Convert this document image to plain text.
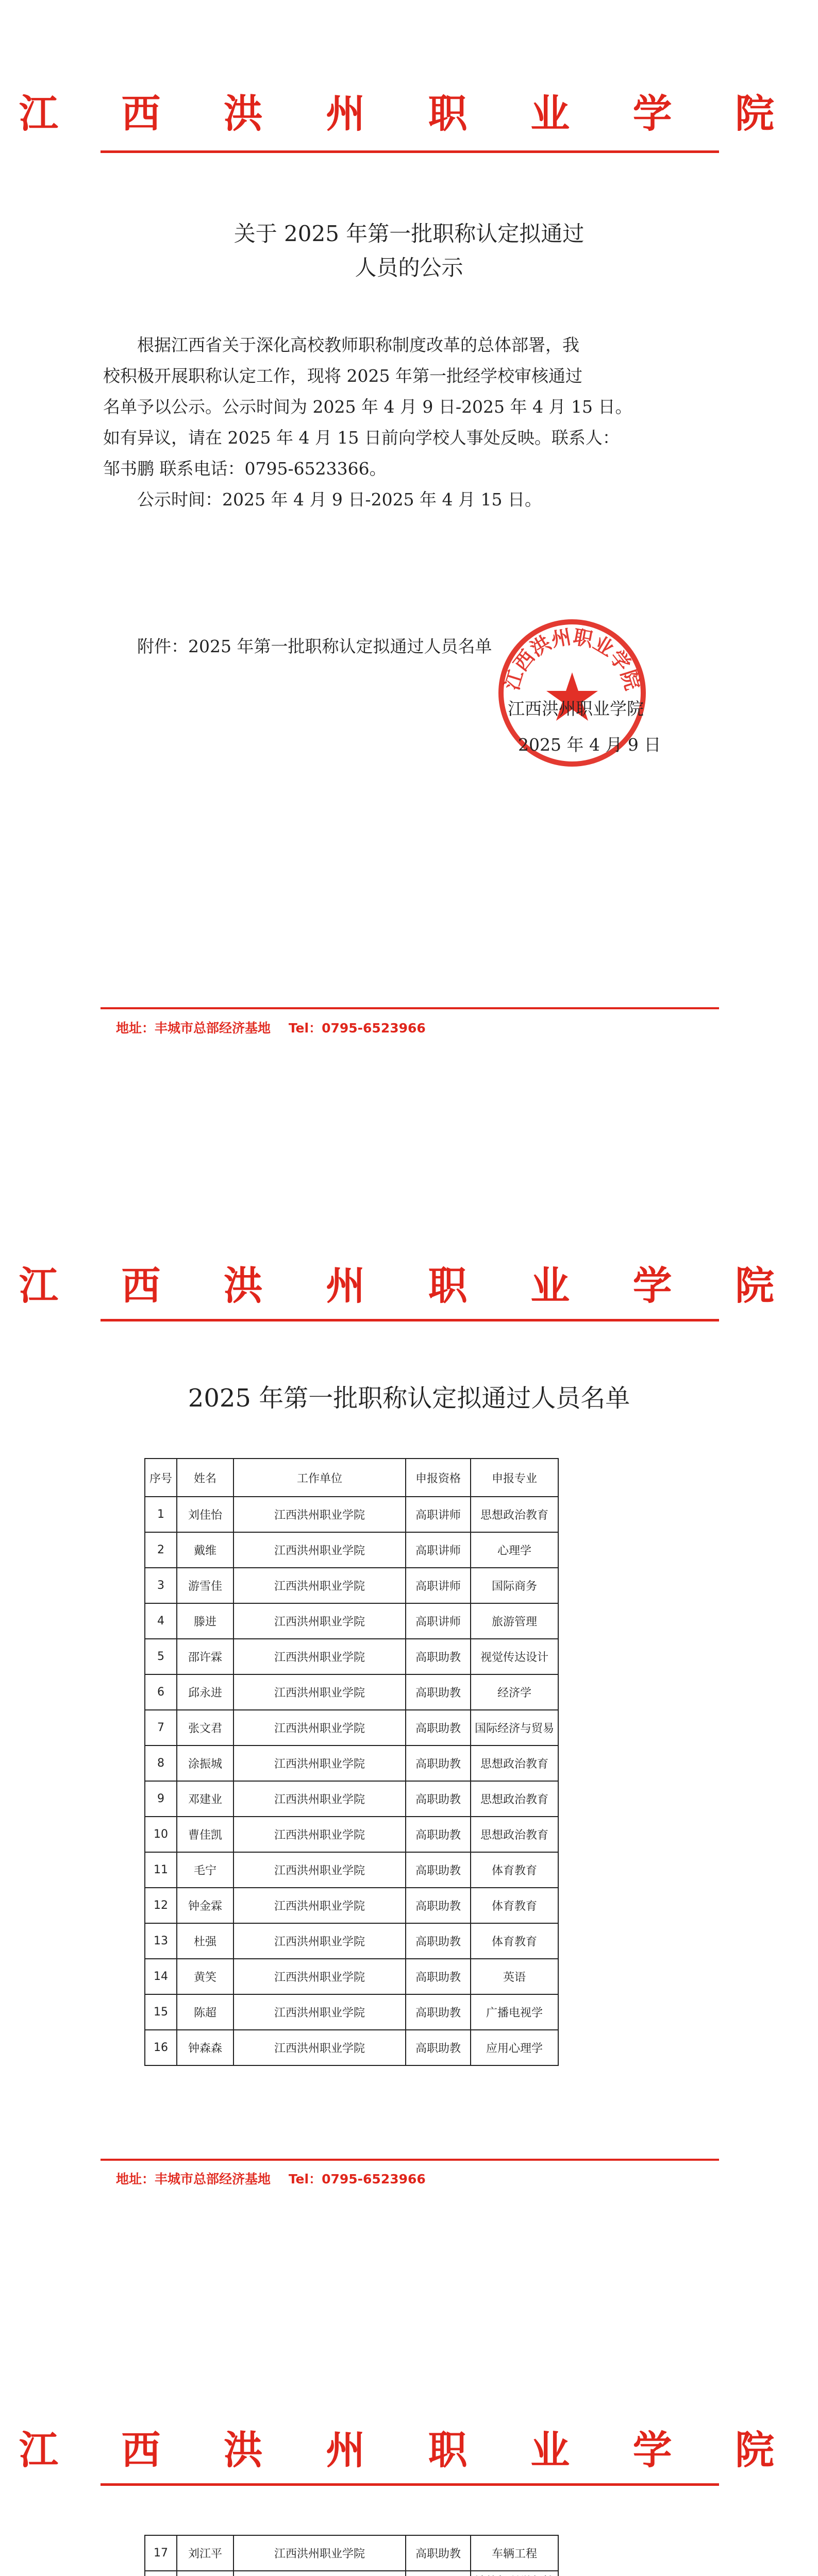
江 西 洪 州 职 业 学 院
关于 2025 年第一批职称认定拟通过
人员的公示
根据江西省关于深化高校教师职称制度改革的总体部署，我
校积极开展职称认定工作，现将 2025 年第一批经学校审核通过
名单予以公示。公示时间为 2025 年 4 月 9 日-2025 年 4 月 15 日。
如有异议，请在 2025 年 4 月 15 日前向学校人事处反映。联系人：
邹书鹏 联系电话：0795-6523366。
公示时间：2025 年 4 月 9 日-2025 年 4 月 15 日。
附件：2025 年第一批职称认定拟通过人员名单
江西洪州职业学院
江西洪州职业学院
2025 年 4 月 9 日
地址：丰城市总部经济基地    Tel：0795-6523966
江 西 洪 州 职 业 学 院
2025 年第一批职称认定拟通过人员名单
序号	姓名	工作单位	申报资格	申报专业
1	刘佳怡	江西洪州职业学院	高职讲师	思想政治教育
2	戴维	江西洪州职业学院	高职讲师	心理学
3	游雪佳	江西洪州职业学院	高职讲师	国际商务
4	滕进	江西洪州职业学院	高职讲师	旅游管理
5	邵许霖	江西洪州职业学院	高职助教	视觉传达设计
6	邱永进	江西洪州职业学院	高职助教	经济学
7	张文君	江西洪州职业学院	高职助教	国际经济与贸易
8	涂振城	江西洪州职业学院	高职助教	思想政治教育
9	邓建业	江西洪州职业学院	高职助教	思想政治教育
10	曹佳凯	江西洪州职业学院	高职助教	思想政治教育
11	毛宁	江西洪州职业学院	高职助教	体育教育
12	钟金霖	江西洪州职业学院	高职助教	体育教育
13	杜强	江西洪州职业学院	高职助教	体育教育
14	黄笑	江西洪州职业学院	高职助教	英语
15	陈超	江西洪州职业学院	高职助教	广播电视学
16	钟森森	江西洪州职业学院	高职助教	应用心理学
地址：丰城市总部经济基地    Tel：0795-6523966
江 西 洪 州 职 业 学 院
17	刘江平	江西洪州职业学院	高职助教	车辆工程
